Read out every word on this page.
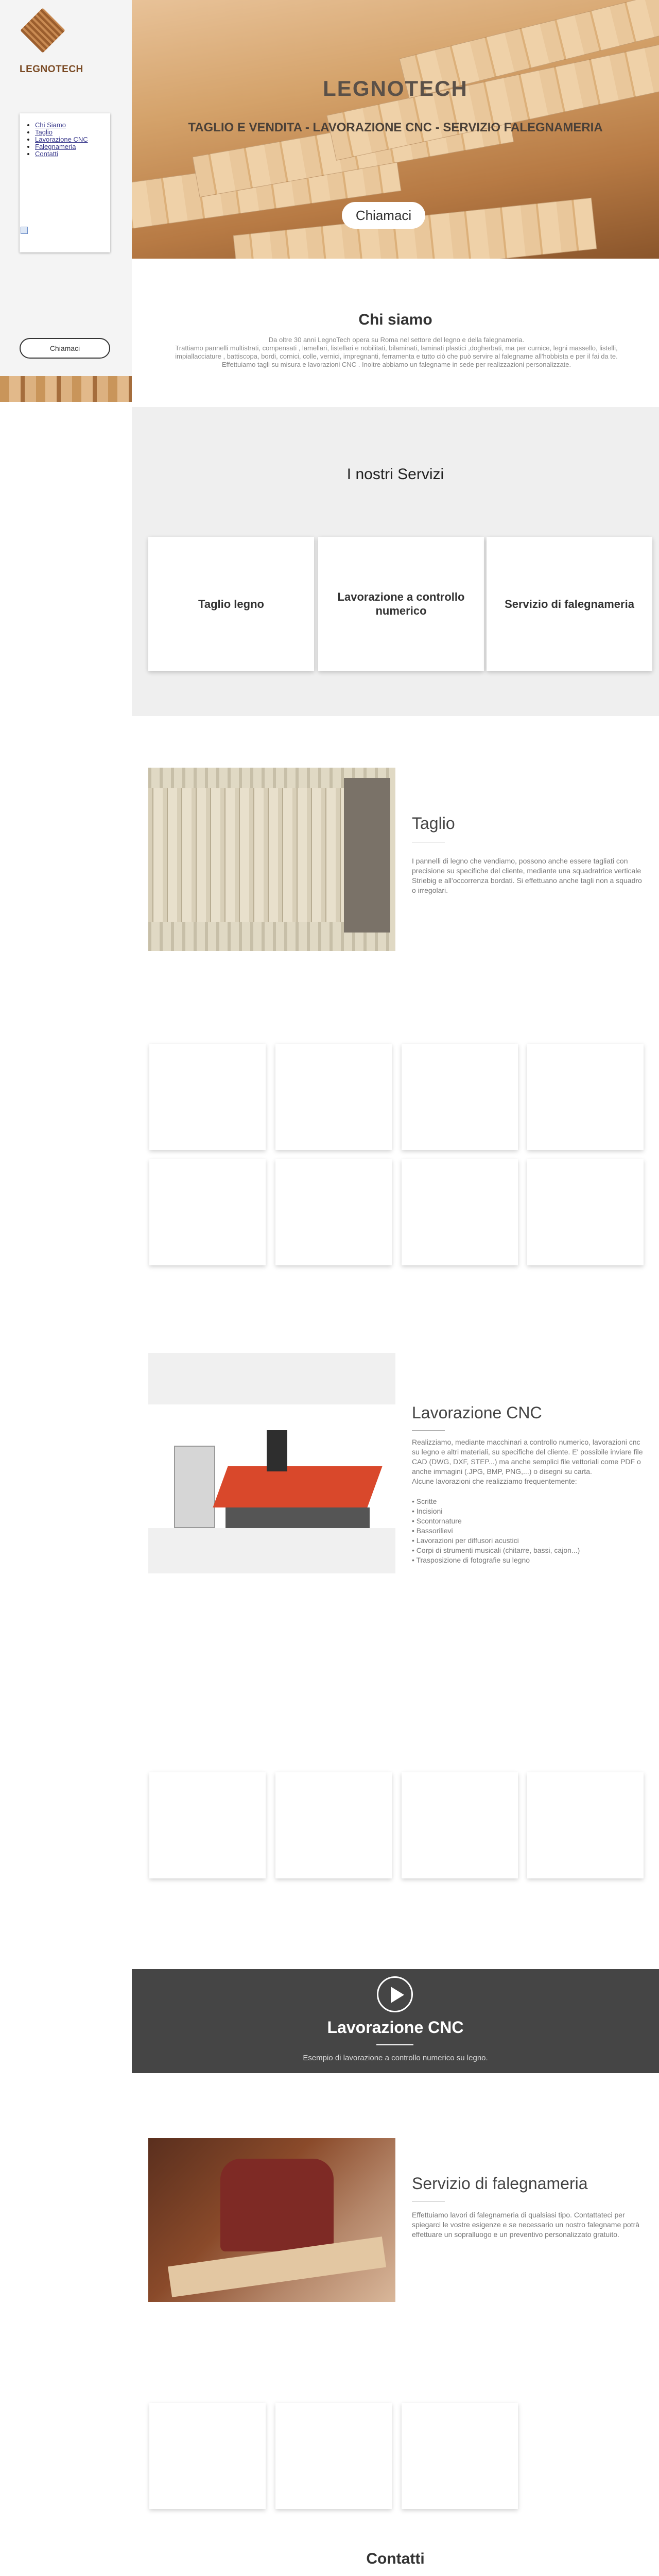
LEGNOTECH
• Chi Siamo
• Taglio
• Lavorazione CNC
• Falegnameria
• Contatti
Chiamaci
LEGNOTECH
TAGLIO E VENDITA - LAVORAZIONE CNC - SERVIZIO FALEGNAMERIA
Chiamaci
Chi siamo
Da oltre 30 anni LegnoTech opera su Roma nel settore del legno e della falegnameria.
Trattiamo pannelli multistrati, compensati , lamellari, listellari e nobilitati, bilaminati, laminati plastici ,dogherbati, ma per curnice, legni massello, listelli, impiallacciature , battiscopa, bordi, cornici, colle, vernici, impregnanti, ferramenta e tutto ciò che può servire al falegname all'hobbista e per il fai da te.
Effettuiamo tagli su misura e lavorazioni CNC . Inoltre abbiamo un falegname in sede per realizzazioni personalizzate.
I nostri Servizi
Taglio legno
Lavorazione a controllo numerico
Servizio di falegnameria
Taglio
I pannelli di legno che vendiamo, possono anche essere tagliati con precisione su specifiche del cliente, mediante una squadratrice verticale Striebig e all'occorrenza bordati. Si effettuano anche tagli non a squadro o irregolari.
Lavorazione CNC
Realizziamo, mediante macchinari a controllo numerico, lavorazioni cnc su legno e altri materiali, su specifiche del cliente. E' possibile inviare file CAD (DWG, DXF, STEP...) ma anche semplici file vettoriali come PDF o anche immagini (.JPG, BMP, PNG,...) o disegni su carta.
Alcune lavorazioni che realizziamo frequentemente:
• Scritte
• Incisioni
• Scontornature
• Bassorilievi
• Lavorazioni per diffusori acustici
• Corpi di strumenti musicali (chitarre, bassi, cajon...)
• Trasposizione di fotografie su legno
Lavorazione CNC
Esempio di lavorazione a controllo numerico su legno.
Servizio di falegnameria
Effettuiamo lavori di falegnameria di qualsiasi tipo. Contattateci per spiegarci le vostre esigenze e se necessario un nostro falegname potrà effettuare un sopralluogo e un preventivo personalizzato gratuito.
Contatti
